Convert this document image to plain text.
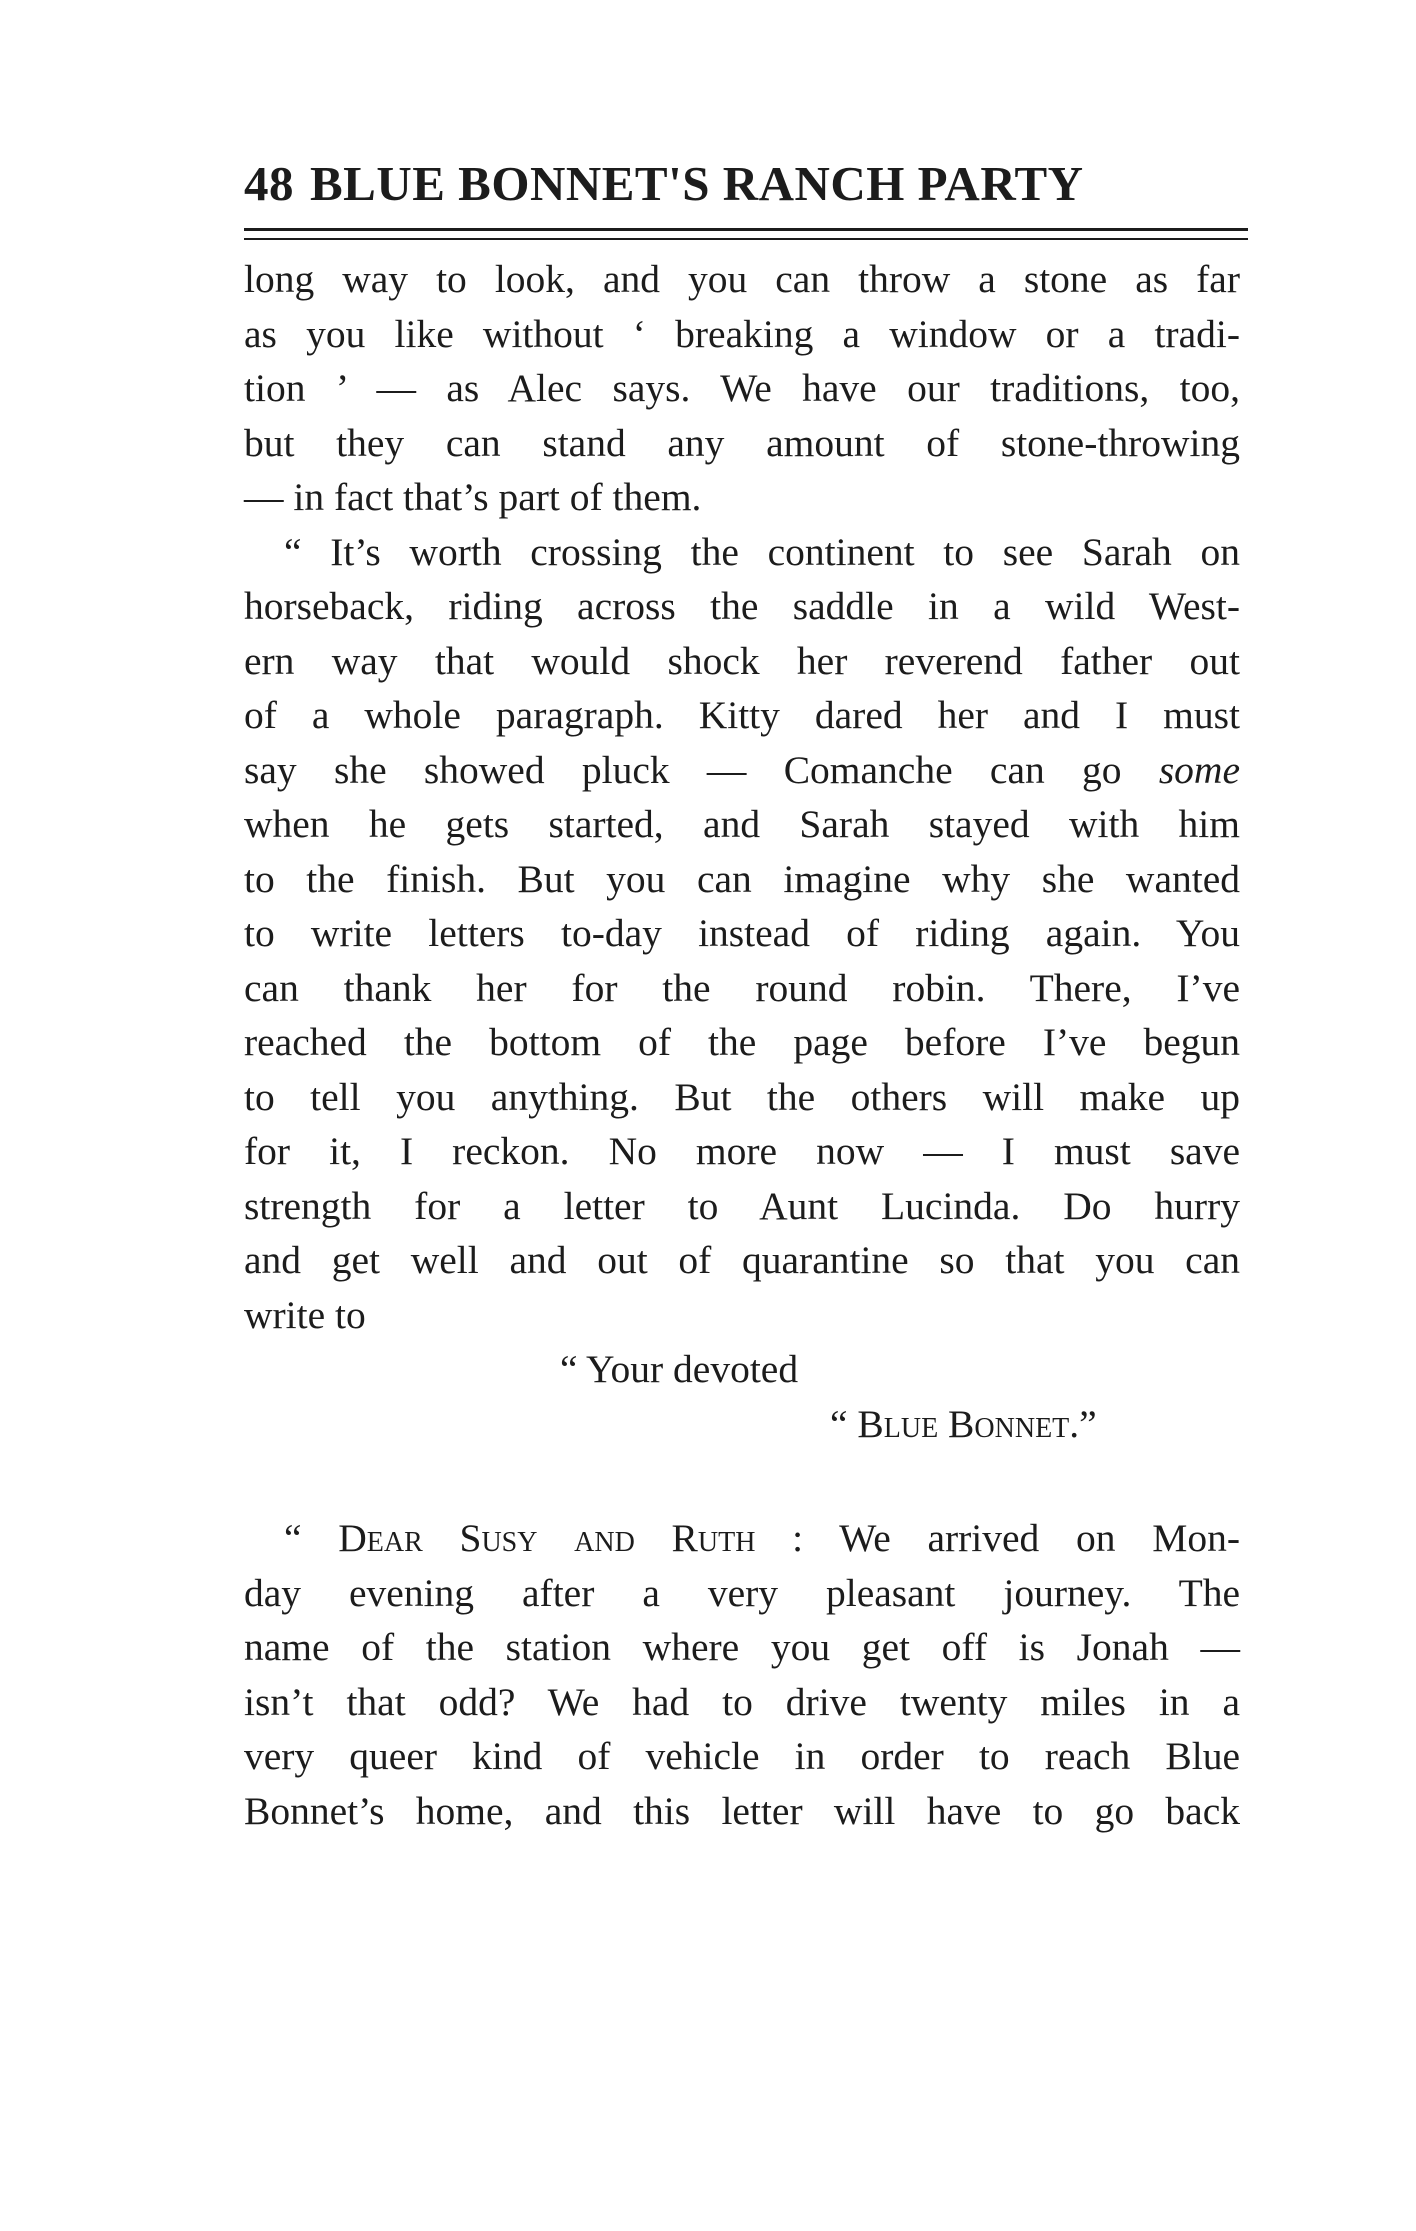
48 BLUE BONNET'S RANCH PARTY
long way to look, and you can throw a stone as far
as you like without ‘ breaking a window or a tradi-
tion ’ — as Alec says. We have our traditions, too,
but they can stand any amount of stone-throwing
— in fact that’s part of them.
“ It’s worth crossing the continent to see Sarah on
horseback, riding across the saddle in a wild West-
ern way that would shock her reverend father out
of a whole paragraph. Kitty dared her and I must
say she showed pluck — Comanche can go some
when he gets started, and Sarah stayed with him
to the finish. But you can imagine why she wanted
to write letters to-day instead of riding again. You
can thank her for the round robin. There, I’ve
reached the bottom of the page before I’ve begun
to tell you anything. But the others will make up
for it, I reckon. No more now — I must save
strength for a letter to Aunt Lucinda. Do hurry
and get well and out of quarantine so that you can
write to
“ Your devoted
“ Blue Bonnet.”
“ Dear Susy and Ruth : We arrived on Mon-
day evening after a very pleasant journey. The
name of the station where you get off is Jonah —
isn’t that odd? We had to drive twenty miles in a
very queer kind of vehicle in order to reach Blue
Bonnet’s home, and this letter will have to go back
